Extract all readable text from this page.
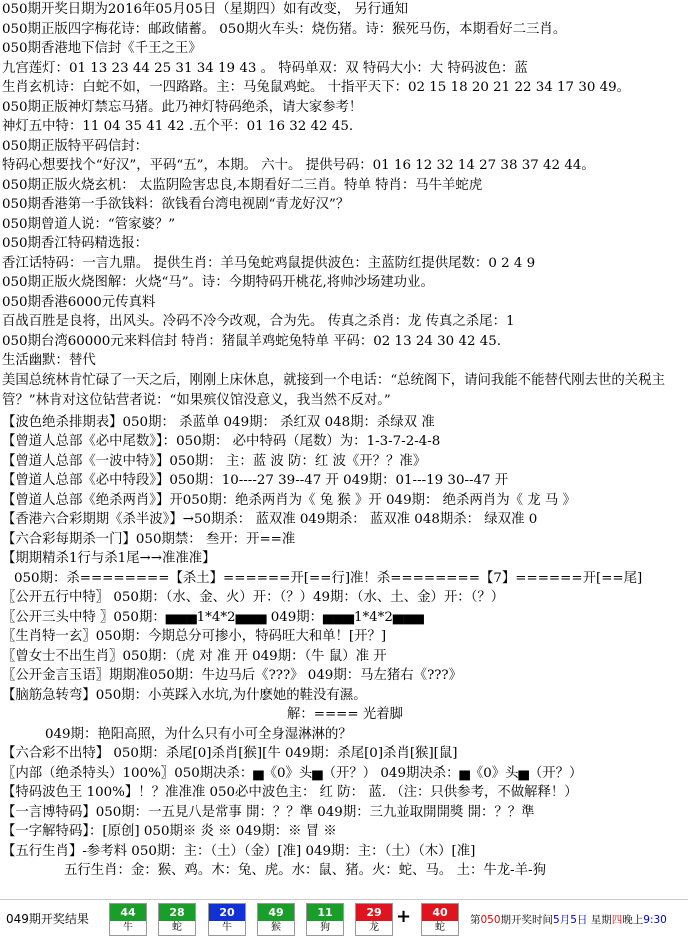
050期开奖日期为2016年05月05日（星期四）如有改变， 另行通知
050期正版四字梅花诗：邮政储蓄。 050期火车头：烧伤猪。诗：猴死马伤，本期看好二三肖。
050期香港地下信封《千王之王》
九宫莲灯：01 13 23 44 25 31 34 19 43 。 特码单双：双 特码大小：大 特码波色：蓝
生肖玄机诗：白蛇不如，一四路路。主：马兔鼠鸡蛇。 十指平天下：02 15 18 20 21 22 34 17 30 49。
050期正版神灯禁忘马猪。此乃神灯特码绝杀，请大家参考！
神灯五中特：11 04 35 41 42 .五个平：01 16 32 42 45.
050期正版特平码信封：
特码心想要找个“好汉”，平码“五”，本期。 六十。 提供号码：01 16 12 32 14 27 38 37 42 44。
050期正版火烧玄机： 太监阴险害忠良,本期看好二三肖。特单 特肖：马牛羊蛇虎
050期香港第一手欲钱料：欲钱看台湾电视剧“青龙好汉”？
050期曾道人说：“管家婆？”
050期香江特码精选报：
香江话特码：一言九鼎。 提供生肖：羊马兔蛇鸡鼠提供波色：主蓝防红提供尾数：0 2 4 9
050期正版火烧图解：火烧“马”。诗：今期特码开桃花,将帅沙场建功业。
050期香港6000元传真料
百战百胜是良将，出风头。冷码不冷今改观，合为先。 传真之杀肖：龙 传真之杀尾：1
050期台湾60000元来料信封 特肖：猪鼠羊鸡蛇兔特单 平码：02 13 24 30 42 45.
生活幽默：替代
美国总统林肯忙碌了一天之后，刚刚上床休息，就接到一个电话：“总统阁下，请问我能不能替代刚去世的关税主管？”林肯对这位钻营者说：“如果殡仪馆没意义，我当然不反对。”
【波色绝杀排期表】050期： 杀蓝单 049期： 杀红双 048期：杀绿双 准
【曾道人总部《必中尾数》】：050期： 必中特码（尾数）为：1-3-7-2-4-8
【曾道人总部《一波中特》】050期： 主：蓝 波 防：红 波《开？？准》
【曾道人总部《必中特段》】050期：10----27 39--47 开 049期：01---19 30--47 开
【曾道人总部《绝杀两肖》】开050期：绝杀两肖为《 兔 猴 》开 049期： 绝杀两肖为《 龙 马 》
【香港六合彩期期《杀半波》】→50期杀： 蓝双准 049期杀： 蓝双准 048期杀： 绿双准 0
【六合彩每期杀一门】050期禁： 叁开：开==准
【期期精杀1行与杀1尾→→准准准】
050期：杀========【杀土】======开[==行]准！杀========【7】======开[==尾]
〖公开五行中特〗 050期：（水、金、火）开：（？）49期：（水、土、金）开：（？）
〖公开三头中特 〗050期：▅▅▅1*4*2▅▅▅ 049期：▅▅▅1*4*2▅▅▅
〖生肖特一玄〗050期：今期总分可掺小，特码旺大和单！[开？]
〖曾女士不出生肖〗050期：（虎 对 准 开 049期：（牛 鼠）准 开
〖公开金言玉语〗期期准050期：牛边马后《???》 049期：马左猪右《???》
【脑筋急转弯】050期：小英踩入水坑,为什麽她的鞋没有濕。
解：==== 光着脚
049期：艳阳高照，为什么只有小可全身湿淋淋的？
【六合彩不出特】 050期：杀尾[0]杀肖[猴][牛 049期：杀尾[0]杀肖[猴][鼠]
〖内部（绝杀特头）100%〗050期决杀：▅《0》头▅（开？） 049期决杀：▅《0》头▅（开？）
【特码波色王 100%】！？准准准 050必中波色主： 红 防： 蓝. （注：只供参考，不做解释！）
【一言博特码】050期：一五見八是常事 開：？？準 049期：三九並取開開獎 開：？？準
【一字解特码】：[原创] 050期※ 炎 ※ 049期：※ 冒 ※
【五行生肖】-参考料 050期：主：（土）（金）[准] 049期：主：（土）（木）[准]
五行生肖：金：猴、鸡。木：兔、虎。水：鼠、猪。火：蛇、马。 土：牛龙-羊-狗
049期开奖结果	44
牛
28
蛇
20
牛
49
猴
11
狗
29
龙
+	40
蛇
第050期开奖时间5月5日 星期四晚上9:30
